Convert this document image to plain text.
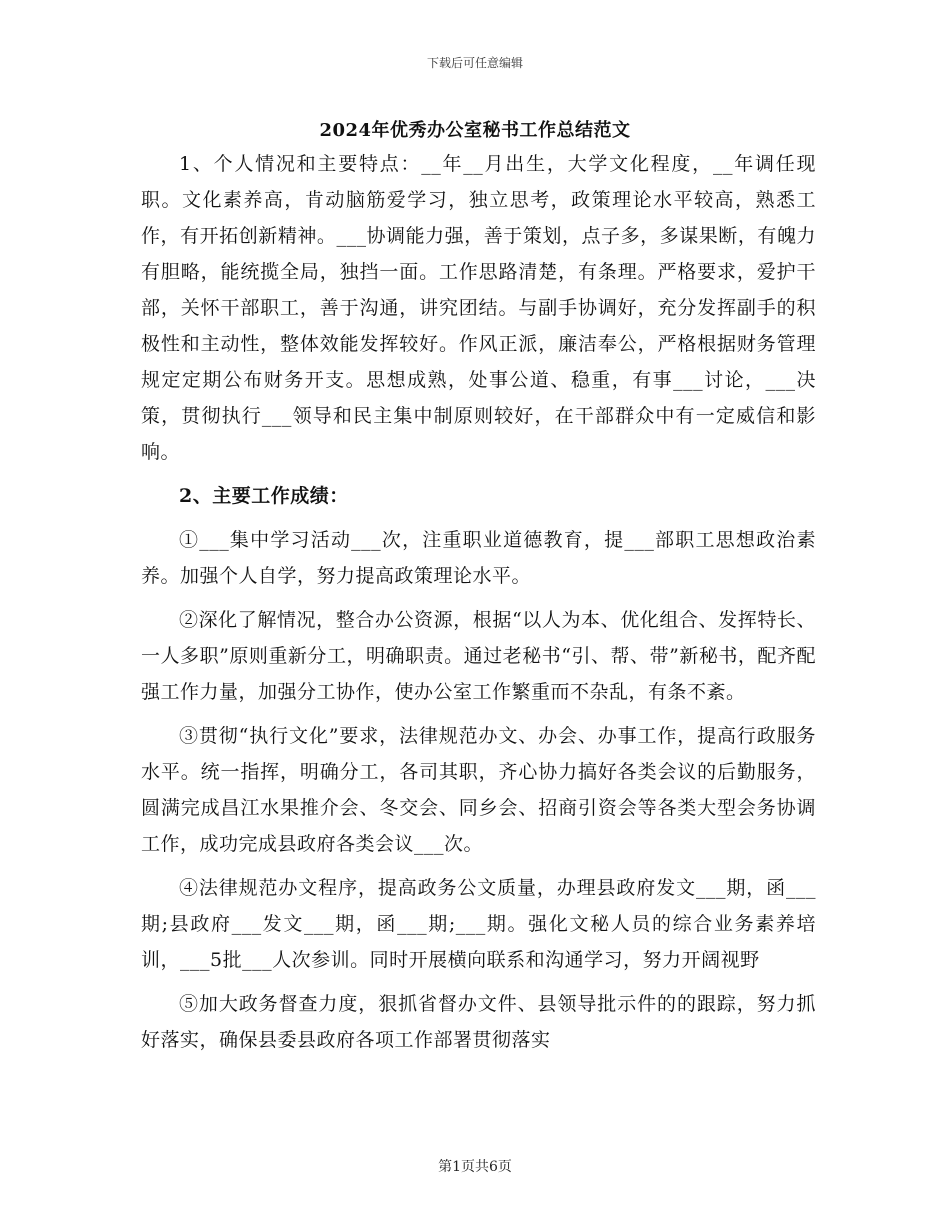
下载后可任意编辑
2024年优秀办公室秘书工作总结范文

1、个人情况和主要特点：__年__月出生，大学文化程度，__年调任现职。文化素养高，肯动脑筋爱学习，独立思考，政策理论水平较高，熟悉工作，有开拓创新精神。___协调能力强，善于策划，点子多，多谋果断，有魄力有胆略，能统揽全局，独挡一面。工作思路清楚，有条理。严格要求，爱护干部，关怀干部职工，善于沟通，讲究团结。与副手协调好，充分发挥副手的积极性和主动性，整体效能发挥较好。作风正派，廉洁奉公，严格根据财务管理规定定期公布财务开支。思想成熟，处事公道、稳重，有事___讨论，___决策，贯彻执行___领导和民主集中制原则较好，在干部群众中有一定威信和影响。

2、主要工作成绩：

①___集中学习活动___次，注重职业道德教育，提___部职工思想政治素养。加强个人自学，努力提高政策理论水平。

②深化了解情况，整合办公资源，根据“以人为本、优化组合、发挥特长、一人多职”原则重新分工，明确职责。通过老秘书“引、帮、带”新秘书，配齐配强工作力量，加强分工协作，使办公室工作繁重而不杂乱，有条不紊。

③贯彻“执行文化”要求，法律规范办文、办会、办事工作，提高行政服务水平。统一指挥，明确分工，各司其职，齐心协力搞好各类会议的后勤服务，圆满完成昌江水果推介会、冬交会、同乡会、招商引资会等各类大型会务协调工作，成功完成县政府各类会议___次。

④法律规范办文程序，提高政务公文质量，办理县政府发文___期，函___期;县政府___发文___期，函___期;___期。强化文秘人员的综合业务素养培训，___5批___人次参训。同时开展横向联系和沟通学习，努力开阔视野

⑤加大政务督查力度，狠抓省督办文件、县领导批示件的的跟踪，努力抓好落实，确保县委县政府各项工作部署贯彻落实

第1页共6页
